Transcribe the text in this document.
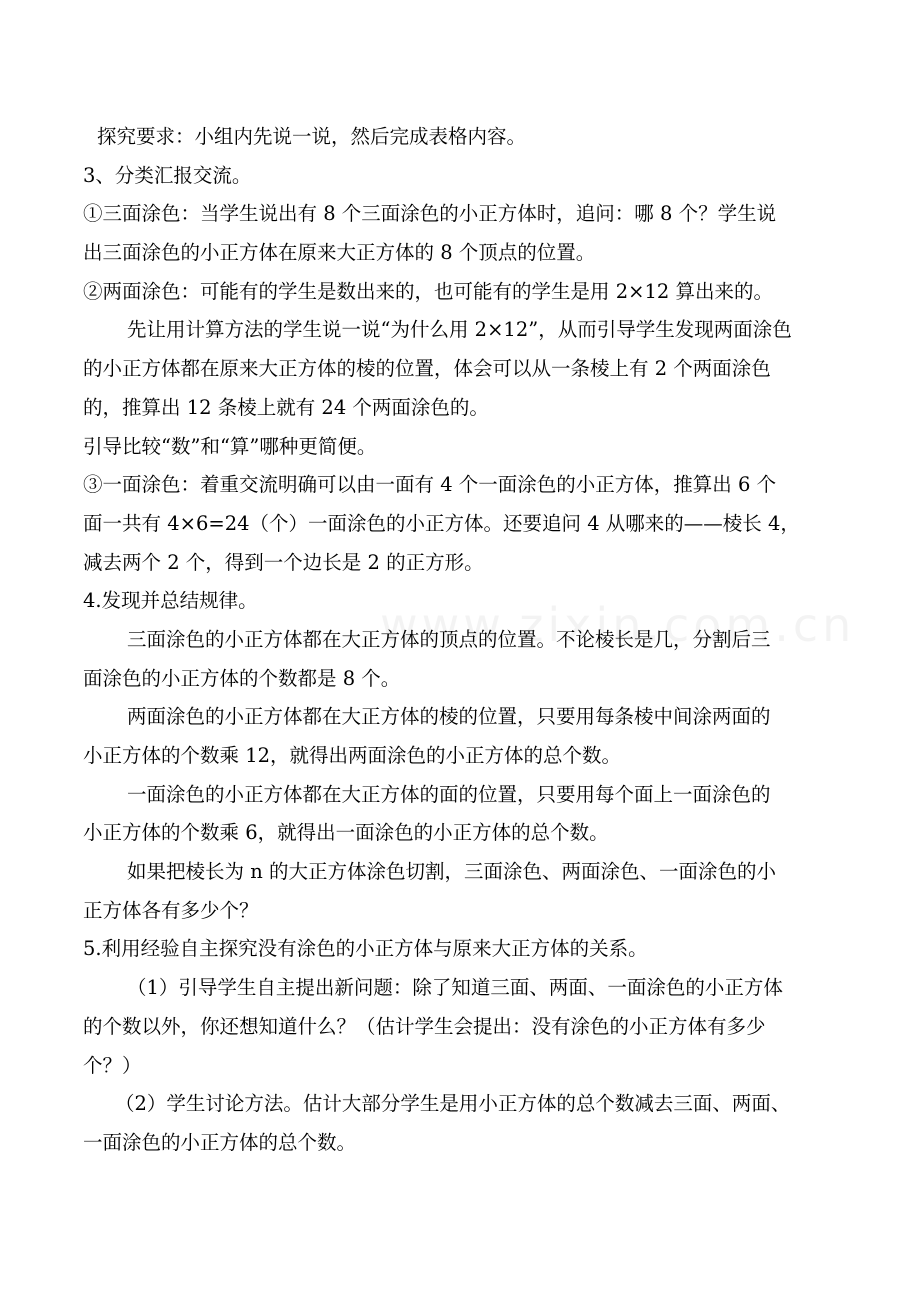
探究要求：小组内先说一说，然后完成表格内容。
3、分类汇报交流。
①三面涂色：当学生说出有 8 个三面涂色的小正方体时，追问：哪 8 个？学生说
出三面涂色的小正方体在原来大正方体的 8 个顶点的位置。
②两面涂色：可能有的学生是数出来的，也可能有的学生是用 2×12 算出来的。
先让用计算方法的学生说一说“为什么用 2×12”，从而引导学生发现两面涂色
的小正方体都在原来大正方体的棱的位置，体会可以从一条棱上有 2 个两面涂色
的，推算出 12 条棱上就有 24 个两面涂色的。
引导比较“数”和“算”哪种更简便。
③一面涂色：着重交流明确可以由一面有 4 个一面涂色的小正方体，推算出 6 个
面一共有 4×6=24（个）一面涂色的小正方体。还要追问 4 从哪来的——棱长 4，
减去两个 2 个，得到一个边长是 2 的正方形。
4.发现并总结规律。
三面涂色的小正方体都在大正方体的顶点的位置。不论棱长是几，分割后三
面涂色的小正方体的个数都是 8 个。
两面涂色的小正方体都在大正方体的棱的位置，只要用每条棱中间涂两面的
小正方体的个数乘 12，就得出两面涂色的小正方体的总个数。
一面涂色的小正方体都在大正方体的面的位置，只要用每个面上一面涂色的
小正方体的个数乘 6，就得出一面涂色的小正方体的总个数。
如果把棱长为 n 的大正方体涂色切割，三面涂色、两面涂色、一面涂色的小
正方体各有多少个？
5.利用经验自主探究没有涂色的小正方体与原来大正方体的关系。
（1）引导学生自主提出新问题：除了知道三面、两面、一面涂色的小正方体
的个数以外，你还想知道什么？（估计学生会提出：没有涂色的小正方体有多少
个？）
（2）学生讨论方法。估计大部分学生是用小正方体的总个数减去三面、两面、
一面涂色的小正方体的总个数。
